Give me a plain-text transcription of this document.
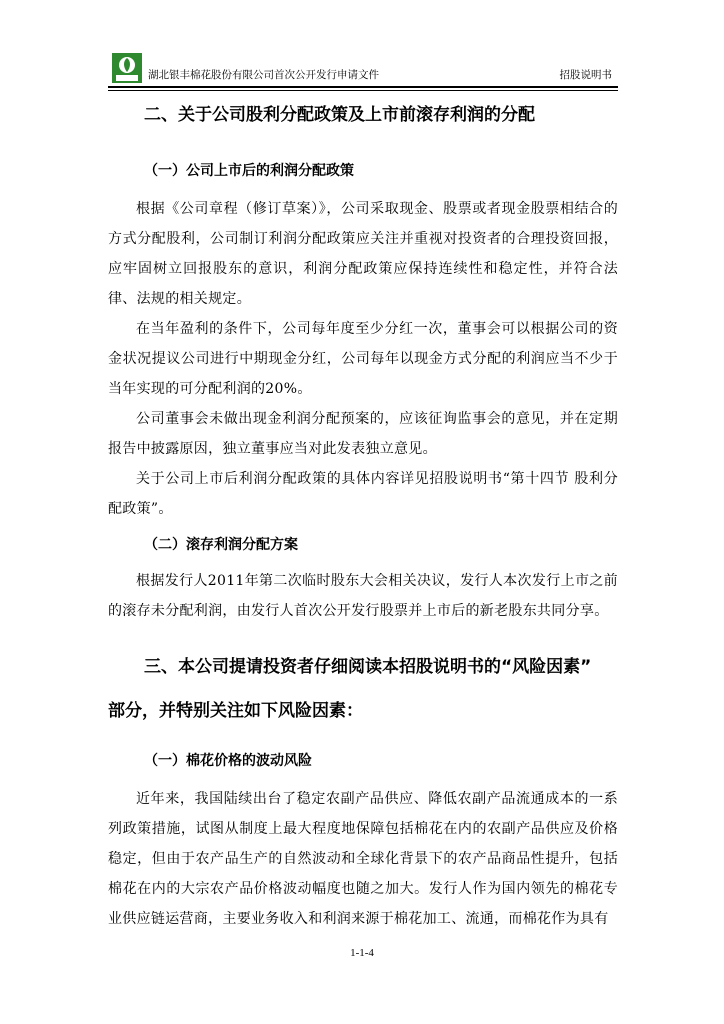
湖北银丰棉花股份有限公司首次公开发行申请文件	招股说明书

二、关于公司股利分配政策及上市前滚存利润的分配

（一）公司上市后的利润分配政策

根据《公司章程（修订草案）》，公司采取现金、股票或者现金股票相结合的方式分配股利，公司制订利润分配政策应关注并重视对投资者的合理投资回报，应牢固树立回报股东的意识，利润分配政策应保持连续性和稳定性，并符合法律、法规的相关规定。

在当年盈利的条件下，公司每年度至少分红一次，董事会可以根据公司的资金状况提议公司进行中期现金分红，公司每年以现金方式分配的利润应当不少于当年实现的可分配利润的20%。

公司董事会未做出现金利润分配预案的，应该征询监事会的意见，并在定期报告中披露原因，独立董事应当对此发表独立意见。

关于公司上市后利润分配政策的具体内容详见招股说明书“第十四节 股利分配政策”。

（二）滚存利润分配方案

根据发行人2011年第二次临时股东大会相关决议，发行人本次发行上市之前的滚存未分配利润，由发行人首次公开发行股票并上市后的新老股东共同分享。

三、本公司提请投资者仔细阅读本招股说明书的“风险因素”

部分，并特别关注如下风险因素：

（一）棉花价格的波动风险

近年来，我国陆续出台了稳定农副产品供应、降低农副产品流通成本的一系列政策措施，试图从制度上最大程度地保障包括棉花在内的农副产品供应及价格稳定，但由于农产品生产的自然波动和全球化背景下的农产品商品性提升，包括棉花在内的大宗农产品价格波动幅度也随之加大。发行人作为国内领先的棉花专业供应链运营商，主要业务收入和利润来源于棉花加工、流通，而棉花作为具有

1-1-4
